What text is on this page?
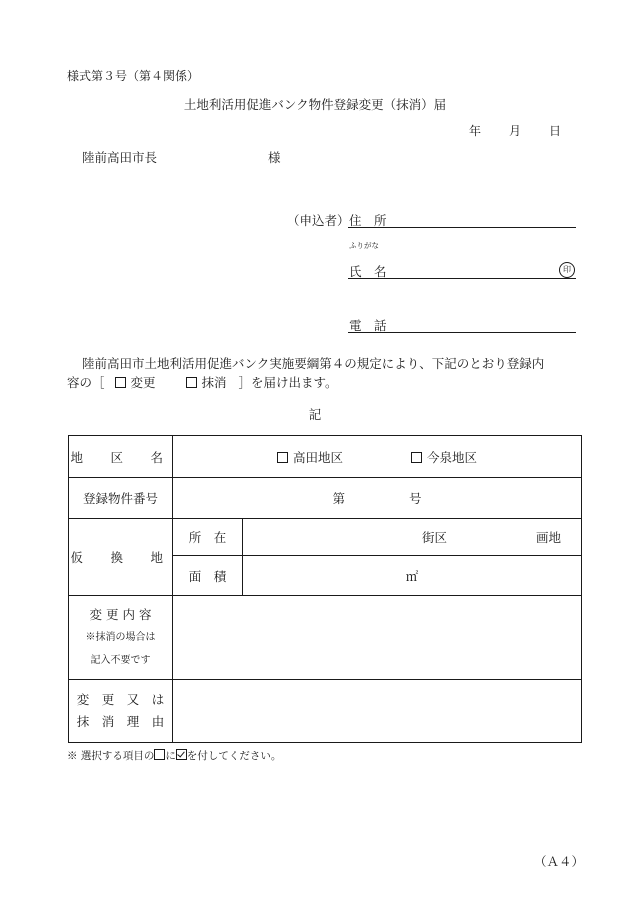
様式第３号（第４関係）
土地利活用促進バンク物件登録変更（抹消）届
年 月 日
陸前高田市長	様
（申込者） 住　所
ふりがな
氏　名	印
電　話
陸前高田市土地利活用促進バンク実施要綱第４の規定により、下記のとおり登録内
容の［ 変更	抹消 ］を届け出ます。
記
地　区　名	高田地区 今泉地区	
登録物件番号	第 号	
仮　換　地	所　在	街区 画地
	面　積	㎡

変 更 内 容
※抹消の場合は
記入不要です		

変　更　又　は
抹　消　理　由		

※ 選択する項目の に を付してください。
（Ａ４）
